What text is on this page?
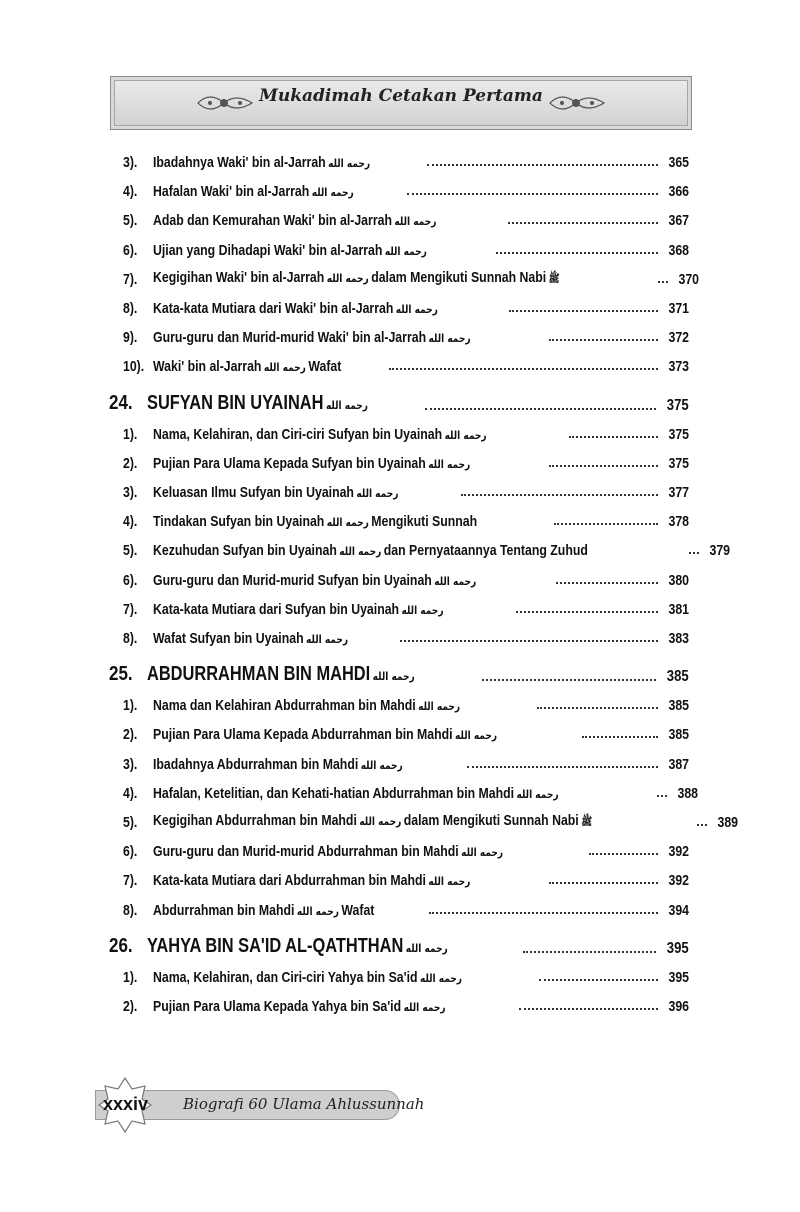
Mukadimah Cetakan Pertama
3).	Ibadahnya Waki' bin al-Jarrah رحمه الله	365
4).	Hafalan Waki' bin al-Jarrah رحمه الله	366
5).	Adab dan Kemurahan Waki' bin al-Jarrah رحمه الله	367
6).	Ujian yang Dihadapi Waki' bin al-Jarrah رحمه الله	368
7).	Kegigihan Waki' bin al-Jarrah رحمه الله dalam Mengikuti Sunnah Nabi ﷺ	370
8).	Kata-kata Mutiara dari Waki' bin al-Jarrah رحمه الله	371
9).	Guru-guru dan Murid-murid Waki' bin al-Jarrah رحمه الله	372
10). Waki' bin al-Jarrah رحمه الله Wafat	373
24. SUFYAN BIN UYAINAH رحمه الله	375
1).	Nama, Kelahiran, dan Ciri-ciri Sufyan bin Uyainah رحمه الله	375
2).	Pujian Para Ulama Kepada Sufyan bin Uyainah رحمه الله	375
3).	Keluasan Ilmu Sufyan bin Uyainah رحمه الله	377
4).	Tindakan Sufyan bin Uyainah رحمه الله Mengikuti Sunnah	378
5).	Kezuhudan Sufyan bin Uyainah رحمه الله dan Pernyataannya Tentang Zuhud	379
6).	Guru-guru dan Murid-murid Sufyan bin Uyainah رحمه الله	380
7).	Kata-kata Mutiara dari Sufyan bin Uyainah رحمه الله	381
8).	Wafat Sufyan bin Uyainah رحمه الله	383
25. ABDURRAHMAN BIN MAHDI رحمه الله	385
1).	Nama dan Kelahiran Abdurrahman bin Mahdi رحمه الله	385
2).	Pujian Para Ulama Kepada Abdurrahman bin Mahdi رحمه الله	385
3).	Ibadahnya Abdurrahman bin Mahdi رحمه الله	387
4).	Hafalan, Ketelitian, dan Kehati-hatian Abdurrahman bin Mahdi رحمه الله	388
5).	Kegigihan Abdurrahman bin Mahdi رحمه الله dalam Mengikuti Sunnah Nabi ﷺ	389
6).	Guru-guru dan Murid-murid Abdurrahman bin Mahdi رحمه الله	392
7).	Kata-kata Mutiara dari Abdurrahman bin Mahdi رحمه الله	392
8).	Abdurrahman bin Mahdi رحمه الله Wafat	394
26. YAHYA BIN SA'ID AL-QATHTHAN رحمه الله	395
1).	Nama, Kelahiran, dan Ciri-ciri Yahya bin Sa'id رحمه الله	395
2).	Pujian Para Ulama Kepada Yahya bin Sa'id رحمه الله	396
xxxiv Biografi 60 Ulama Ahlussunnah
